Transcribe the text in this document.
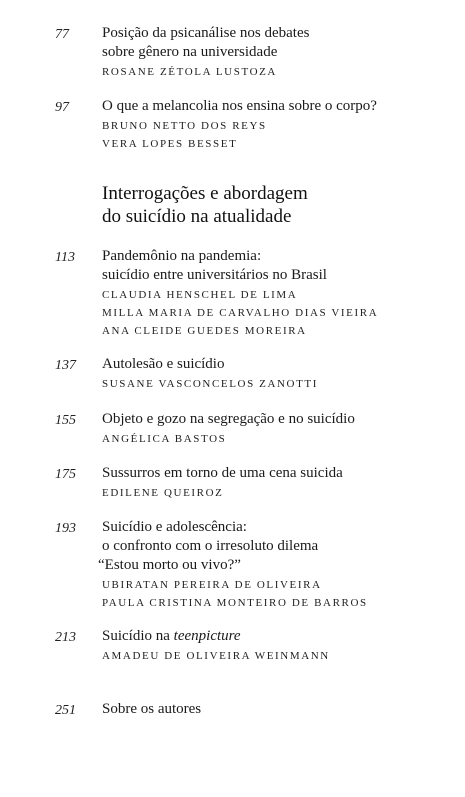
77 Posição da psicanálise nos debates
sobre gênero na universidade
ROSANE ZÉTOLA LUSTOZA
97 O que a melancolia nos ensina sobre o corpo?
BRUNO NETTO DOS REYS
VERA LOPES BESSET
Interrogações e abordagem
do suicídio na atualidade
113 Pandemônio na pandemia:
suicídio entre universitários no Brasil
CLAUDIA HENSCHEL DE LIMA
MILLA MARIA DE CARVALHO DIAS VIEIRA
ANA CLEIDE GUEDES MOREIRA
137 Autolesão e suicídio
SUSANE VASCONCELOS ZANOTTI
155 Objeto e gozo na segregação e no suicídio
ANGÉLICA BASTOS
175 Sussurros em torno de uma cena suicida
EDILENE QUEIROZ
193 Suicídio e adolescência:
o confronto com o irresoluto dilema
“Estou morto ou vivo?”
UBIRATAN PEREIRA DE OLIVEIRA
PAULA CRISTINA MONTEIRO DE BARROS
213 Suicídio na teenpicture
AMADEU DE OLIVEIRA WEINMANN
251 Sobre os autores
